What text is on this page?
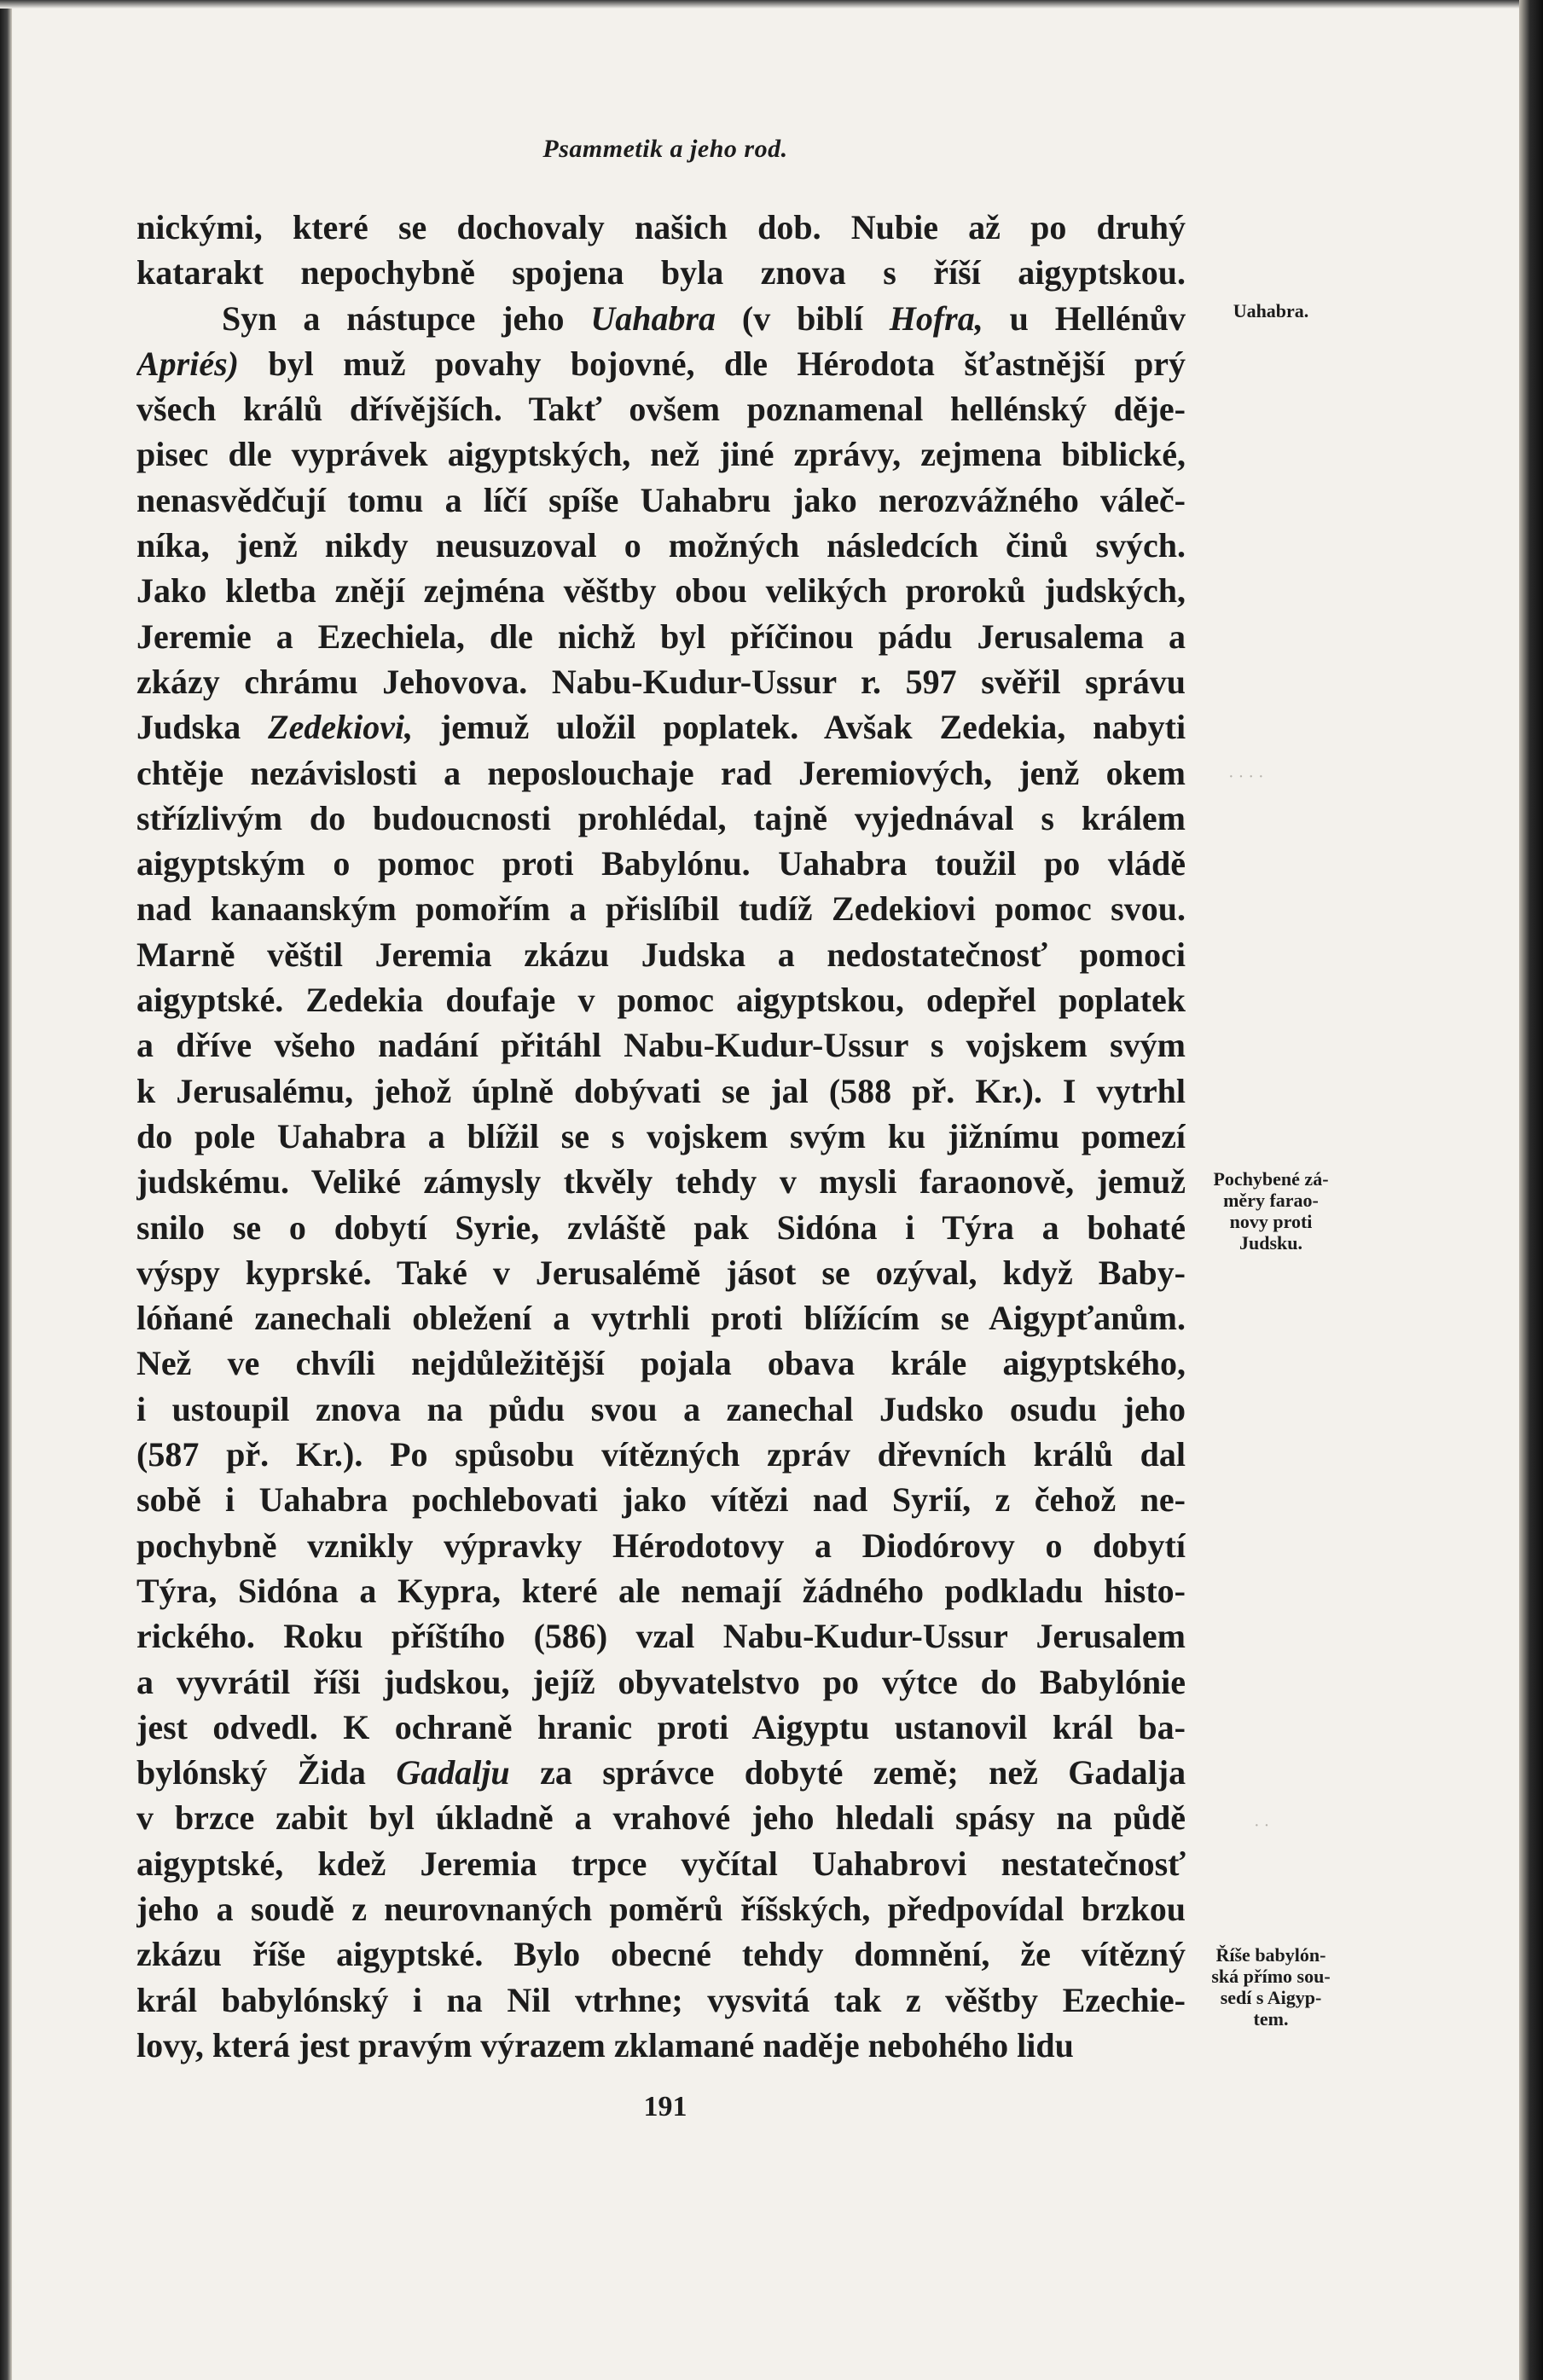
Psammetik a jeho rod.
nickými, které se dochovaly našich dob. Nubie až po druhý
katarakt nepochybně spojena byla znova s říší aigyptskou.
Syn a nástupce jeho Uahabra (v biblí Hofra, u Hellénův
Apriés) byl muž povahy bojovné, dle Hérodota šťastnější prý
všech králů dřívějších. Takť ovšem poznamenal hellénský děje-
pisec dle vyprávek aigyptských, než jiné zprávy, zejmena biblické,
nenasvědčují tomu a líčí spíše Uahabru jako nerozvážného váleč-
níka, jenž nikdy neusuzoval o možných následcích činů svých.
Jako kletba znějí zejména věštby obou velikých proroků judských,
Jeremie a Ezechiela, dle nichž byl příčinou pádu Jerusalema a
zkázy chrámu Jehovova. Nabu-Kudur-Ussur r. 597 svěřil správu
Judska Zedekiovi, jemuž uložil poplatek. Avšak Zedekia, nabyti
chtěje nezávislosti a neposlouchaje rad Jeremiových, jenž okem
střízlivým do budoucnosti prohlédal, tajně vyjednával s králem
aigyptským o pomoc proti Babylónu. Uahabra toužil po vládě
nad kanaanským pomořím a přislíbil tudíž Zedekiovi pomoc svou.
Marně věštil Jeremia zkázu Judska a nedostatečnosť pomoci
aigyptské. Zedekia doufaje v pomoc aigyptskou, odepřel poplatek
a dříve všeho nadání přitáhl Nabu-Kudur-Ussur s vojskem svým
k Jerusalému, jehož úplně dobývati se jal (588 př. Kr.). I vytrhl
do pole Uahabra a blížil se s vojskem svým ku jižnímu pomezí
judskému. Veliké zámysly tkvěly tehdy v mysli faraonově, jemuž
snilo se o dobytí Syrie, zvláště pak Sidóna i Týra a bohaté
výspy kyprské. Také v Jerusalémě jásot se ozýval, když Baby-
lóňané zanechali obležení a vytrhli proti blížícím se Aigypťanům.
Než ve chvíli nejdůležitější pojala obava krále aigyptského,
i ustoupil znova na půdu svou a zanechal Judsko osudu jeho
(587 př. Kr.). Po spůsobu vítězných zpráv dřevních králů dal
sobě i Uahabra pochlebovati jako vítězi nad Syrií, z čehož ne-
pochybně vznikly výpravky Hérodotovy a Diodórovy o dobytí
Týra, Sidóna a Kypra, které ale nemají žádného podkladu histo-
rického. Roku příštího (586) vzal Nabu-Kudur-Ussur Jerusalem
a vyvrátil říši judskou, jejíž obyvatelstvo po výtce do Babylónie
jest odvedl. K ochraně hranic proti Aigyptu ustanovil král ba-
bylónský Žida Gadalju za správce dobyté země; než Gadalja
v brzce zabit byl úkladně a vrahové jeho hledali spásy na půdě
aigyptské, kdež Jeremia trpce vyčítal Uahabrovi nestatečnosť
jeho a soudě z neurovnaných poměrů říšských, předpovídal brzkou
zkázu říše aigyptské. Bylo obecné tehdy domnění, že vítězný
král babylónský i na Nil vtrhne; vysvitá tak z věštby Ezechie-
lovy, která jest pravým výrazem zklamané naděje nebohého lidu
Uahabra.
Pochybené zá-
měry farao-
novy proti
Judsku.
Říše babylón-
ská přímo sou-
sedí s Aigyp-
tem.
· · · ·
· ·
191
